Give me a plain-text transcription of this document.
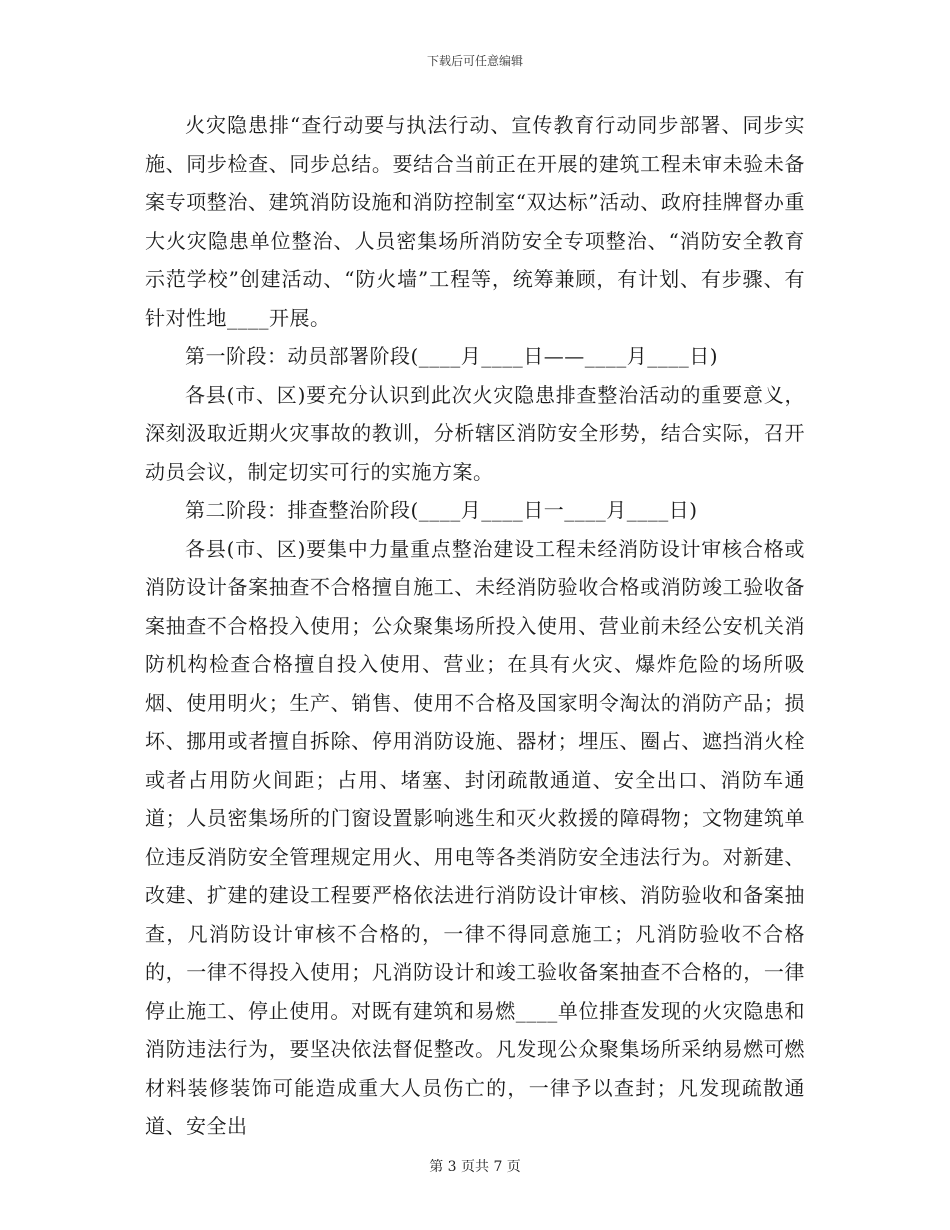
下载后可任意编辑

火灾隐患排“查行动要与执法行动、宣传教育行动同步部署、同步实施、同步检查、同步总结。要结合当前正在开展的建筑工程未审未验未备案专项整治、建筑消防设施和消防控制室“双达标”活动、政府挂牌督办重大火灾隐患单位整治、人员密集场所消防安全专项整治、“消防安全教育示范学校”创建活动、“防火墙”工程等，统筹兼顾，有计划、有步骤、有针对性地____开展。

第一阶段：动员部署阶段(____月____日——____月____日)

各县(市、区)要充分认识到此次火灾隐患排查整治活动的重要意义，深刻汲取近期火灾事故的教训，分析辖区消防安全形势，结合实际，召开动员会议，制定切实可行的实施方案。

第二阶段：排查整治阶段(____月____日一____月____日)

各县(市、区)要集中力量重点整治建设工程未经消防设计审核合格或消防设计备案抽查不合格擅自施工、未经消防验收合格或消防竣工验收备案抽查不合格投入使用；公众聚集场所投入使用、营业前未经公安机关消防机构检查合格擅自投入使用、营业；在具有火灾、爆炸危险的场所吸烟、使用明火；生产、销售、使用不合格及国家明令淘汰的消防产品；损坏、挪用或者擅自拆除、停用消防设施、器材；埋压、圈占、遮挡消火栓或者占用防火间距；占用、堵塞、封闭疏散通道、安全出口、消防车通道；人员密集场所的门窗设置影响逃生和灭火救援的障碍物；文物建筑单位违反消防安全管理规定用火、用电等各类消防安全违法行为。对新建、改建、扩建的建设工程要严格依法进行消防设计审核、消防验收和备案抽查，凡消防设计审核不合格的，一律不得同意施工；凡消防验收不合格的，一律不得投入使用；凡消防设计和竣工验收备案抽查不合格的，一律停止施工、停止使用。对既有建筑和易燃____单位排查发现的火灾隐患和消防违法行为，要坚决依法督促整改。凡发现公众聚集场所采纳易燃可燃材料装修装饰可能造成重大人员伤亡的，一律予以查封；凡发现疏散通道、安全出

第 3 页共 7 页
